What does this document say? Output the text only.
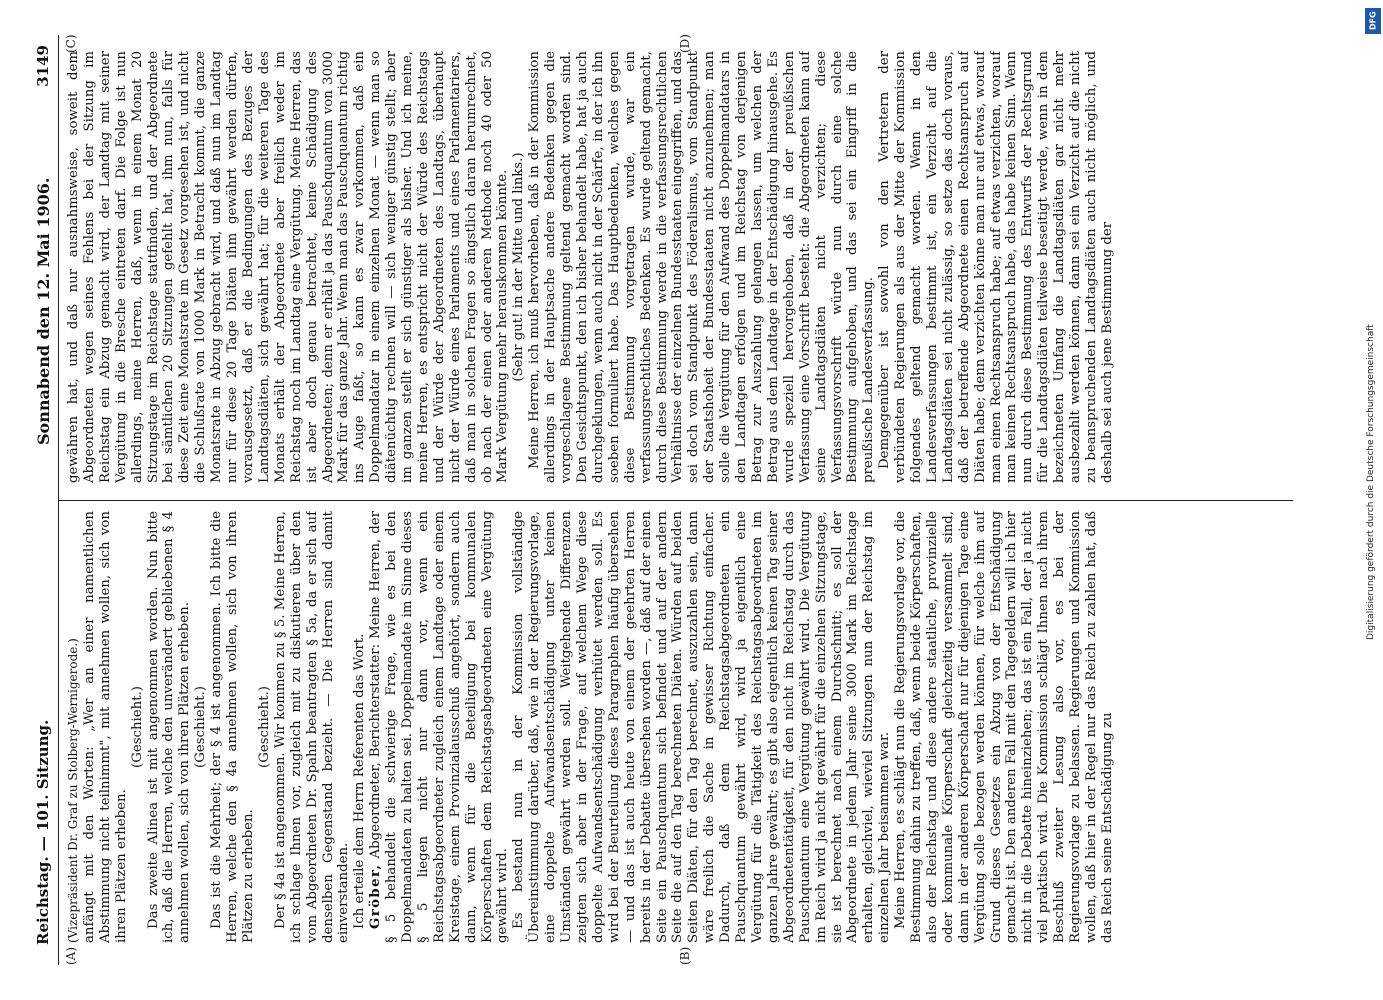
Reichstag. — 101. Sitzung.
Sonnabend den 12. Mai 1906.
3149
(A)	(B)
(C)	(D)

(Vizepräsident Dr. Graf zu Stolberg-Wernigerode.) anfängt mit den Worten: „Wer an einer namentlichen Abstimmung nicht teilnimmt", mit annehmen wollen, sich von ihren Plätzen erheben.

(Geschieht.) Das zweite Alinea ist mit angenommen worden. Nun bitte ich, daß die Herren, welche den unverändert gebliebenen § 4 annehmen wollen, sich von ihren Plätzen erheben. (Geschieht.) Das ist die Mehrheit; der § 4 ist angenommen. Ich bitte die Herren, welche den § 4a annehmen wollen, sich von ihren Plätzen zu erheben.

(Geschieht.) Der § 4a ist angenommen. Wir kommen zu § 5. Meine Herren, ich schlage Ihnen vor, zugleich mit zu diskutieren über den vom Abgeordneten Dr. Spahn beantragten § 5a, da er sich auf denselben Gegenstand bezieht. — Die Herren sind damit einverstanden. Ich erteile dem Herrn Referenten das Wort. Gröber, Abgeordneter, Berichterstatter: Meine Herren, der § 5 behandelt die schwierige Frage, wie es bei den Doppelmandaten zu halten sei. Doppelmandate im Sinne dieses § 5 liegen nicht nur dann vor, wenn ein Reichstagsabgeordneter zugleich einem Landtage oder einem Kreistage, einem Provinzialausschuß angehört, sondern auch dann, wenn für die Beteiligung bei kommunalen Körperschaften dem Reichstagsabgeordneten eine Vergütung gewährt wird. Es bestand nun in der Kommission vollständige Übereinstimmung darüber, daß, wie in der Regierungsvorlage, eine doppelte Aufwandsentschädigung unter keinen Umständen gewährt werden soll. Weitgehende Differenzen zeigten sich aber in der Frage, auf welchem Wege diese doppelte Aufwandsentschädigung verhütet werden soll. Es wird bei der Beurteilung dieses Paragraphen häufig übersehen — und das ist auch heute von einem der geehrten Herren bereits in der Debatte übersehen worden —, daß auf der einen Seite ein Pauschquantum sich befindet und auf der andern Seite die auf den Tag berechneten Diäten. Würden auf beiden Seiten Diäten, für den Tag berechnet, auszuzahlen sein, dann wäre freilich die Sache in gewisser Richtung einfacher. Dadurch, daß dem Reichstagsabgeordneten ein Pauschquantum gewährt wird, wird ja eigentlich eine Vergütung für die Tätigkeit des Reichstagsabgeordneten im ganzen Jahre gewährt; es gibt also eigentlich keinen Tag seiner Abgeordnetentätigkeit, für den nicht im Reichstag durch das Pauschquantum eine Vergütung gewährt wird. Die Vergütung im Reich wird ja nicht gewährt für die einzelnen Sitzungstage, sie ist berechnet nach einem Durchschnitt; es soll der Abgeordnete in jedem Jahr seine 3000 Mark im Reichstage erhalten, gleichviel, wieviel Sitzungen nun der Reichstag im einzelnen Jahr beisammen war. Meine Herren, es schlägt nun die Regierungsvorlage vor, die Bestimmung dahin zu treffen, daß, wenn beide Körperschaften, also der Reichstag und diese andere staatliche, provinzielle oder kommunale Körperschaft gleichzeitig versammelt sind, dann in der anderen Körperschaft nur für diejenigen Tage eine Vergütung solle bezogen werden können, für welche ihm auf Grund dieses Gesetzes ein Abzug von der Entschädigung gemacht ist. Den anderen Fall mit den Tagegeldern will ich hier nicht in die Debatte hineinziehen; das ist ein Fall, der ja nicht viel praktisch wird. Die Kommission schlägt Ihnen nach ihrem Beschluß zweiter Lesung also vor, es bei der Regierungsvorlage zu belassen. Regierungen und Kommission wollen, daß hier in der Regel nur das Reich zu zahlen hat, daß das Reich seine Entschädigung zu

gewähren hat, und daß nur ausnahmsweise, soweit dem Abgeordneten wegen seines Fehlens bei der Sitzung im Reichstag ein Abzug gemacht wird, der Landtag mit seiner Vergütung in die Bresche eintreten darf. Die Folge ist nun allerdings, meine Herren, daß, wenn in einem Monat 20 Sitzungstage im Reichstage stattfinden, und der Abgeordnete bei sämtlichen 20 Sitzungen gefehlt hat, ihm nun, falls für diese Zeit eine Monatsrate im Gesetz vorgesehen ist, und nicht die Schlußrate von 1000 Mark in Betracht kommt, die ganze Monatsrate in Abzug gebracht wird, und daß nun im Landtag nur für diese 20 Tage Diäten ihm gewährt werden dürfen, vorausgesetzt, daß er die Bedingungen des Bezuges der Landtagsdiäten, sich gewährt hat; für die weiteren Tage des Monats erhält der Abgeordnete aber freilich weder im Reichstag noch im Landtag eine Vergütung. Meine Herren, das ist aber doch genau betrachtet, keine Schädigung des Abgeordneten; denn er erhält ja das Pauschquantum von 3000 Mark für das ganze Jahr. Wenn man das Pauschquantum richtig ins Auge faßt, so kann es zwar vorkommen, daß ein Doppelmandatar in einem einzelnen Monat — wenn man so diätenüchtig rechnen will — sich weniger günstig stellt; aber im ganzen stellt er sich günstiger als bisher. Und ich meine, meine Herren, es entspricht nicht der Würde des Reichstags und der Würde der Abgeordneten des Landtags, überhaupt nicht der Würde eines Parlaments und eines Parlamentariers, daß man in solchen Fragen so ängstlich daran herumrechnet, ob nach der einen oder anderen Methode noch 40 oder 50 Mark Vergütung mehr herauskommen könnte. (Sehr gut! in der Mitte und links.) Meine Herren, ich muß hervorheben, daß in der Kommission allerdings in der Hauptsache andere Bedenken gegen die vorgeschlagene Bestimmung geltend gemacht worden sind. Den Gesichtspunkt, den ich bisher behandelt habe, hat ja auch durchgeklungen, wenn auch nicht in der Schärfe, in der ich ihn soeben formuliert habe. Das Hauptbedenken, welches gegen diese Bestimmung vorgetragen wurde, war ein verfassungsrechtliches Bedenken. Es wurde geltend gemacht, durch diese Bestimmung werde in die verfassungsrechtlichen Verhältnisse der einzelnen Bundesstaaten eingegriffen, und das sei doch vom Standpunkt des Föderalismus, vom Standpunkt der Staatshoheit der Bundesstaaten nicht anzunehmen; man solle die Vergütung für den Aufwand des Doppelmandatars in den Landtagen erfolgen und im Reichstag von derjenigen Betrag zur Auszahlung gelangen lassen, um welchen der Betrag aus dem Landtage in der Entschädigung hinausgehe. Es wurde speziell hervorgehoben, daß in der preußischen Verfassung eine Vorschrift besteht: die Abgeordneten kann auf seine Landtagsdiäten nicht verzichten; diese Verfassungsvorschrift würde nun durch eine solche Bestimmung aufgehoben, und das sei ein Eingriff in die preußische Landesverfassung. Demgegenüber ist sowohl von den Vertretern der verbündeten Regierungen als aus der Mitte der Kommission folgendes geltend gemacht worden. Wenn in den Landesverfassungen bestimmt ist, ein Verzicht auf die Landtagsdiäten sei nicht zulässig, so setze das doch voraus, daß der betreffende Abgeordnete einen Rechtsanspruch auf Diäten habe; denn verzichten könne man nur auf etwas, worauf man einen Rechtsanspruch habe; auf etwas verzichten, worauf man keinen Rechtsanspruch habe, das habe keinen Sinn. Wenn nun durch diese Bestimmung des Entwurfs der Rechtsgrund für die Landtagsdiäten teilweise beseitigt werde, wenn in dem bezeichneten Umfang die Landtagsdiäten gar nicht mehr ausbezahlt werden können, dann sei ein Verzicht auf die nicht zu beanspruchenden Landtagsdiäten auch nicht möglich, und deshalb sei auch jene Bestimmung der

DFG
Digitalisierung gefördert durch die Deutsche Forschungsgemeinschaft
